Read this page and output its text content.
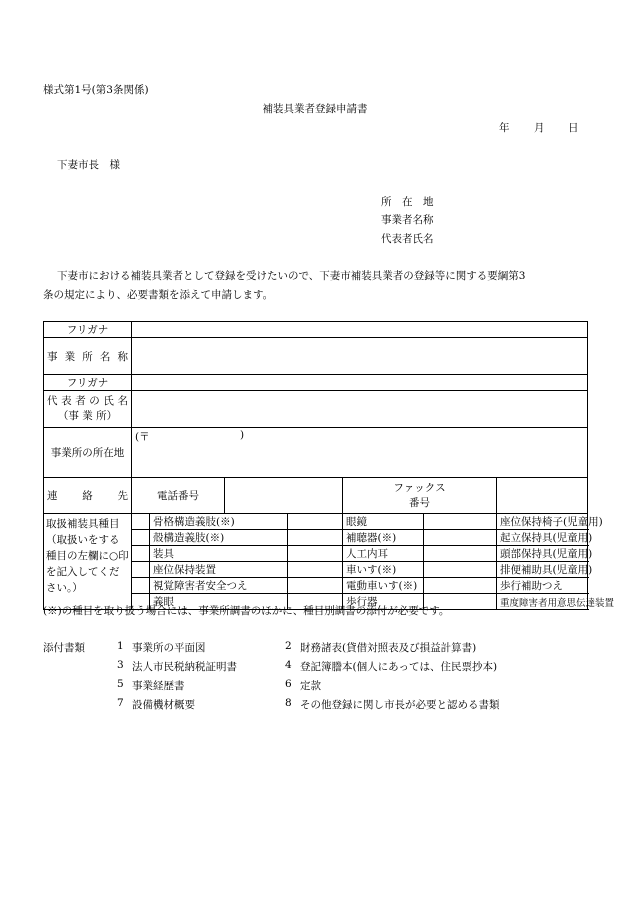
様式第1号(第3条関係)
補装具業者登録申請書
年 月 日
下妻市長　様
所　在　地
事業者名称
代表者氏名
下妻市における補装具業者として登録を受けたいので、下妻市補装具業者の登録等に関する要綱第3
条の規定により、必要書類を添えて申請します。
フリガナ							
事 業 所 名 称							
フリガナ							

代表者の氏名
（事 業 所）							

事業所の所在地	(〒 )						

連　　絡　　先	電話番号				ファックス
番号		

取扱補装具種目（取扱いをする種目の左欄に○印を記入してください。）		骨格構造義肢(※)			眼鏡		座位保持椅子(児童用)
		殻構造義肢(※)			補聴器(※)		起立保持具(児童用)
		装具			人工内耳		頭部保持具(児童用)
		座位保持装置			車いす(※)		排便補助具(児童用)
		視覚障害者安全つえ			電動車いす(※)		歩行補助つえ
		義眼			歩行器		重度障害者用意思伝達装置
(※)の種目を取り扱う場合には、事業所調書のほかに、種目別調書の添付が必要です。
添付書類	1 事業所の平面図	2 財務諸表(貸借対照表及び損益計算書)
3 法人市民税納税証明書	4 登記簿謄本(個人にあっては、住民票抄本)
5 事業経歴書	6 定款
7 設備機材概要	8 その他登録に関し市長が必要と認める書類
